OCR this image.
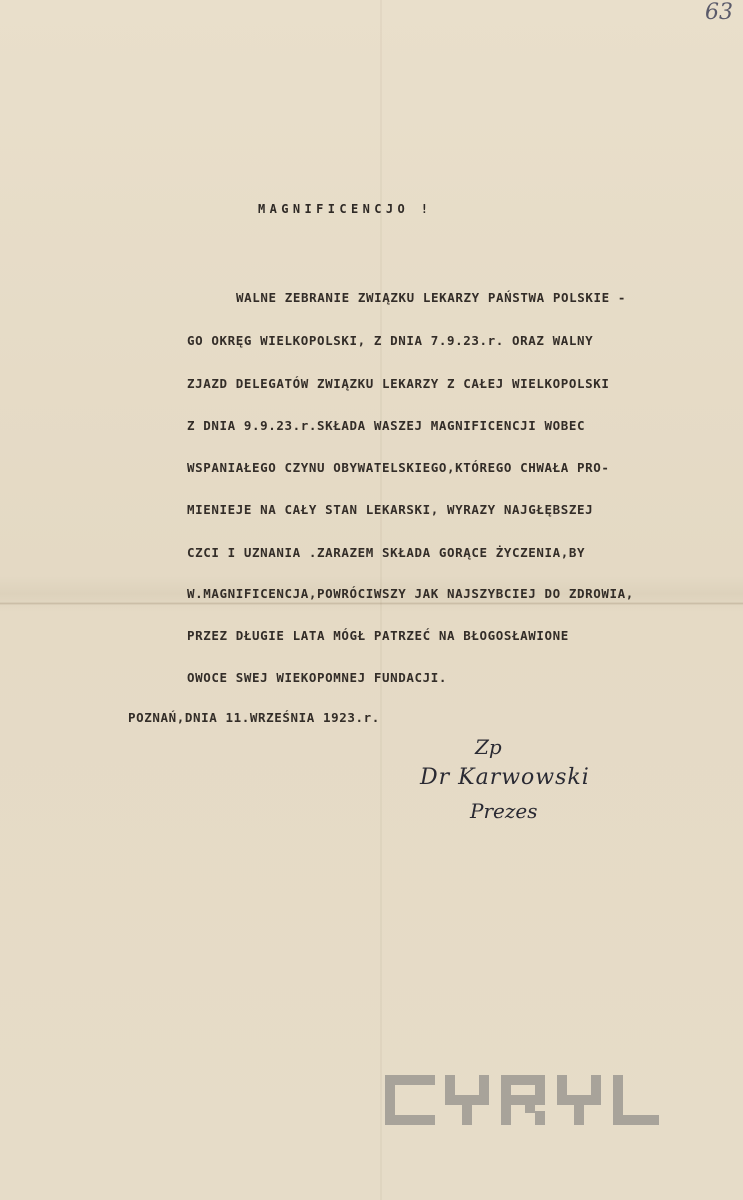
63
MAGNIFICENCJO !
WALNE ZEBRANIE ZWIĄZKU LEKARZY PAŃSTWA POLSKIE -
GO OKRĘG WIELKOPOLSKI, Z DNIA 7.9.23.r. ORAZ WALNY
ZJAZD DELEGATÓW ZWIĄZKU LEKARZY Z CAŁEJ WIELKOPOLSKI
Z DNIA 9.9.23.r.SKŁADA WASZEJ MAGNIFICENCJI WOBEC
WSPANIAŁEGO CZYNU OBYWATELSKIEGO,KTÓREGO CHWAŁA PRO-
MIENIEJE NA CAŁY STAN LEKARSKI, WYRAZY NAJGŁĘBSZEJ
CZCI I UZNANIA .ZARAZEM SKŁADA GORĄCE ŻYCZENIA,BY
W.MAGNIFICENCJA,POWRÓCIWSZY JAK NAJSZYBCIEJ DO ZDROWIA,
PRZEZ DŁUGIE LATA MÓGŁ PATRZEĆ NA BŁOGOSŁAWIONE
OWOCE SWEJ WIEKOPOMNEJ FUNDACJI.
POZNAŃ,DNIA 11.WRZEŚNIA 1923.r.
Zp
Dr Karwowski
Prezes
